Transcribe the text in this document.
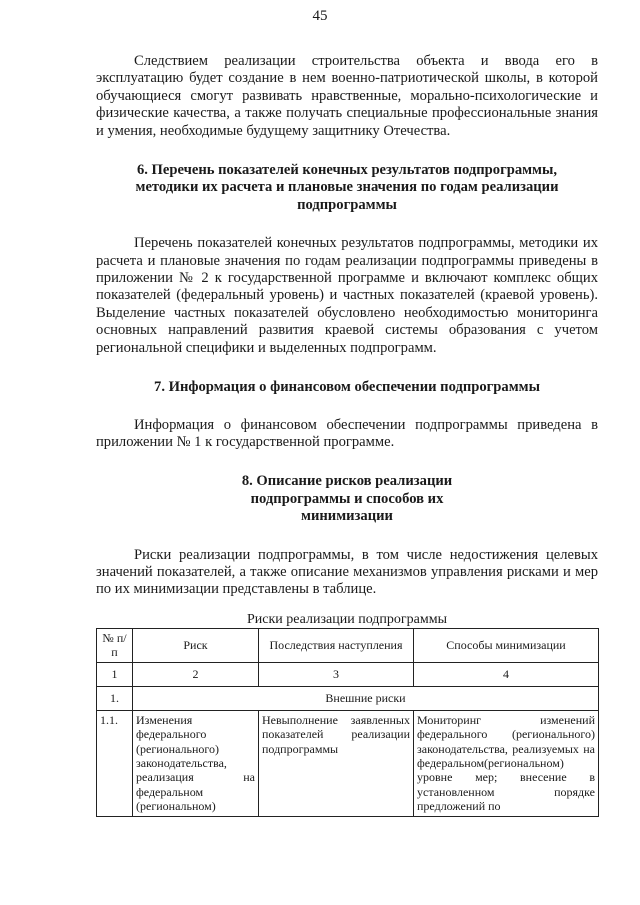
45

Следствием реализации строительства объекта и ввода его в эксплуатацию будет создание в нем военно-патриотической школы, в которой обучающиеся смогут развивать нравственные, морально-психологические и физические качества, а также получать специальные профессиональные знания и умения, необходимые будущему защитнику Отечества.

6. Перечень показателей конечных результатов подпрограммы, методики их расчета и плановые значения по годам реализации подпрограммы

Перечень показателей конечных результатов подпрограммы, методики их расчета и плановые значения по годам реализации подпрограммы приведены в приложении № 2 к государственной программе и включают комплекс общих показателей (федеральный уровень) и частных показателей (краевой уровень). Выделение частных показателей обусловлено необходимостью мониторинга основных направлений развития краевой системы образования с учетом региональной специфики и выделенных подпрограмм.

7. Информация о финансовом обеспечении подпрограммы

Информация о финансовом обеспечении подпрограммы приведена в приложении № 1 к государственной программе.

8. Описание рисков реализации подпрограммы и способов их минимизации

Риски реализации подпрограммы, в том числе недостижения целевых значений показателей, а также описание механизмов управления рисками и мер по их минимизации представлены в таблице.

Риски реализации подпрограммы
№ п/п	Риск	Последствия наступления	Способы минимизации
1	2	3	4
1.	Внешние риски		
1.1.	Изменения федерального (регионального) законодательства, реализация на федеральном (региональном)	Невыполнение заявленных показателей реализации подпрограммы	Мониторинг изменений федерального (регионального) законодательства, реализуемых на федеральном(региональном) уровне мер; внесение в установленном порядке предложений по
